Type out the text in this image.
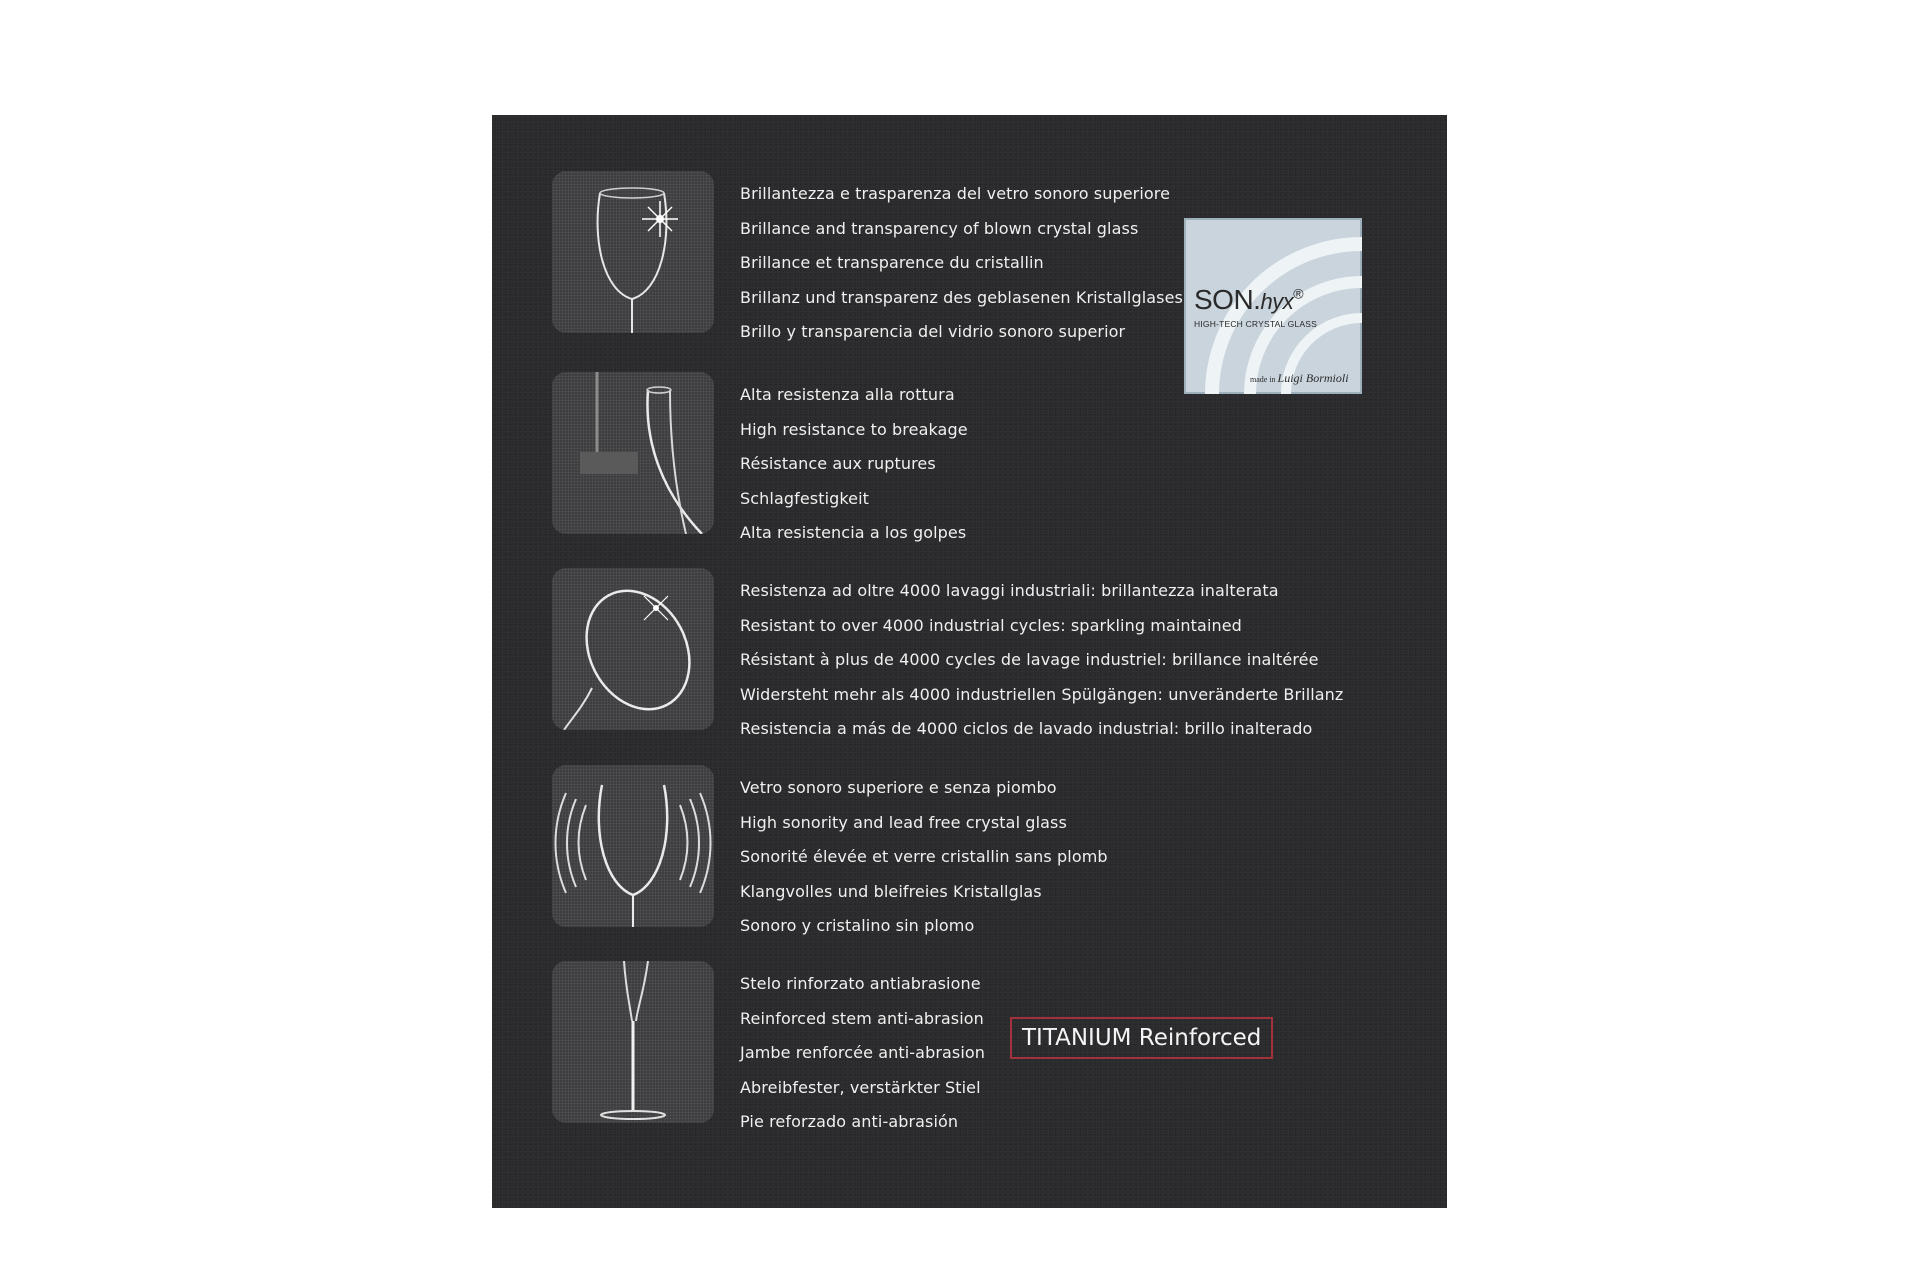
Brillantezza e trasparenza del vetro sonoro superiore
Brillance and transparency of blown crystal glass
Brillance et transparence du cristallin
Brillanz und transparenz des geblasenen Kristallglases
Brillo y transparencia del vidrio sonoro superior
SON.hyx®
HIGH-TECH CRYSTAL GLASS
made in Luigi Bormioli
Alta resistenza alla rottura
High resistance to breakage
Résistance aux ruptures
Schlagfestigkeit
Alta resistencia a los golpes
Resistenza ad oltre 4000 lavaggi industriali: brillantezza inalterata
Resistant to over 4000 industrial cycles: sparkling maintained
Résistant à plus de 4000 cycles de lavage industriel: brillance inaltérée
Widersteht mehr als 4000 industriellen Spülgängen: unveränderte Brillanz
Resistencia a más de 4000 ciclos de lavado industrial: brillo inalterado
Vetro sonoro superiore e senza piombo
High sonority and lead free crystal glass
Sonorité élevée et verre cristallin sans plomb
Klangvolles und bleifreies Kristallglas
Sonoro y cristalino sin plomo
Stelo rinforzato antiabrasione
Reinforced stem anti-abrasion
Jambe renforcée anti-abrasion
Abreibfester, verstärkter Stiel
Pie reforzado anti-abrasión
TITANIUM Reinforced
